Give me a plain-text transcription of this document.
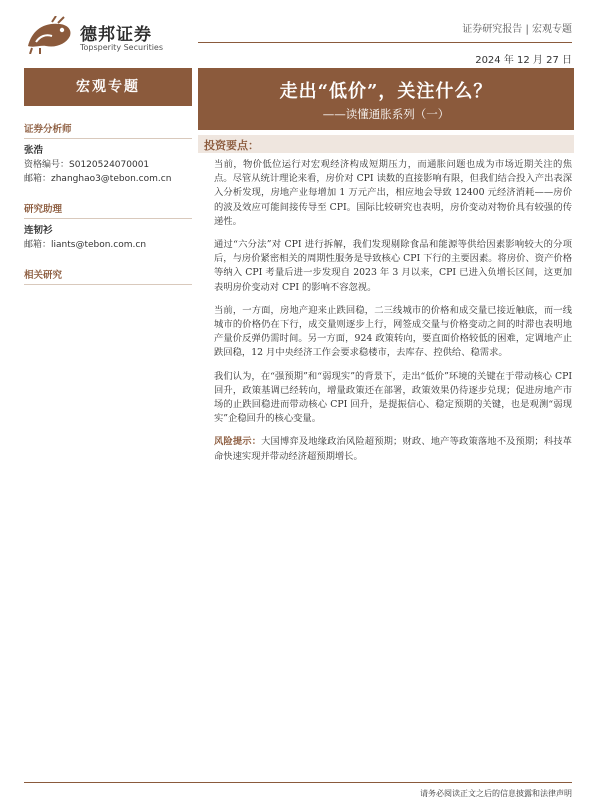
德邦证券
Topsperity Securities
证券研究报告 | 宏观专题
2024 年 12 月 27 日
宏观专题	走出“低价”，关注什么？
——读懂通胀系列（一）
证券分析师
张浩
资格编号：S0120524070001
邮箱：zhanghao3@tebon.com.cn
研究助理
连韧衫
邮箱：liants@tebon.com.cn
相关研究
投资要点：

当前，物价低位运行对宏观经济构成短期压力，而通胀问题也成为市场近期关注的焦点。尽管从统计理论来看，房价对 CPI 读数的直接影响有限，但我们结合投入产出表深入分析发现，房地产业每增加 1 万元产出，相应地会导致 12400 元经济消耗——房价的波及效应可能间接传导至 CPI。国际比较研究也表明，房价变动对物价具有较强的传递性。

通过“六分法”对 CPI 进行拆解，我们发现剔除食品和能源等供给因素影响较大的分项后，与房价紧密相关的周期性服务是导致核心 CPI 下行的主要因素。将房价、资产价格等纳入 CPI 考量后进一步发现自 2023 年 3 月以来，CPI 已进入负增长区间，这更加表明房价变动对 CPI 的影响不容忽视。

当前，一方面，房地产迎来止跌回稳，二三线城市的价格和成交量已接近触底，而一线城市的价格仍在下行，成交量则逐步上行，网签成交量与价格变动之间的时滞也表明地产量价反弹仍需时间。另一方面，924 政策转向，要直面价格较低的困难，定调地产止跌回稳，12 月中央经济工作会要求稳楼市，去库存、控供给、稳需求。

我们认为，在“强预期”和“弱现实”的背景下，走出“低价”环境的关键在于带动核心 CPI 回升，政策基调已经转向，增量政策还在部署，政策效果仍待逐步兑现；促进房地产市场的止跌回稳进而带动核心 CPI 回升，是提振信心、稳定预期的关键，也是观测“弱现实”企稳回升的核心变量。

风险提示：大国博弈及地缘政治风险超预期；财政、地产等政策落地不及预期；科技革命快速实现并带动经济超预期增长。

请务必阅读正文之后的信息披露和法律声明
